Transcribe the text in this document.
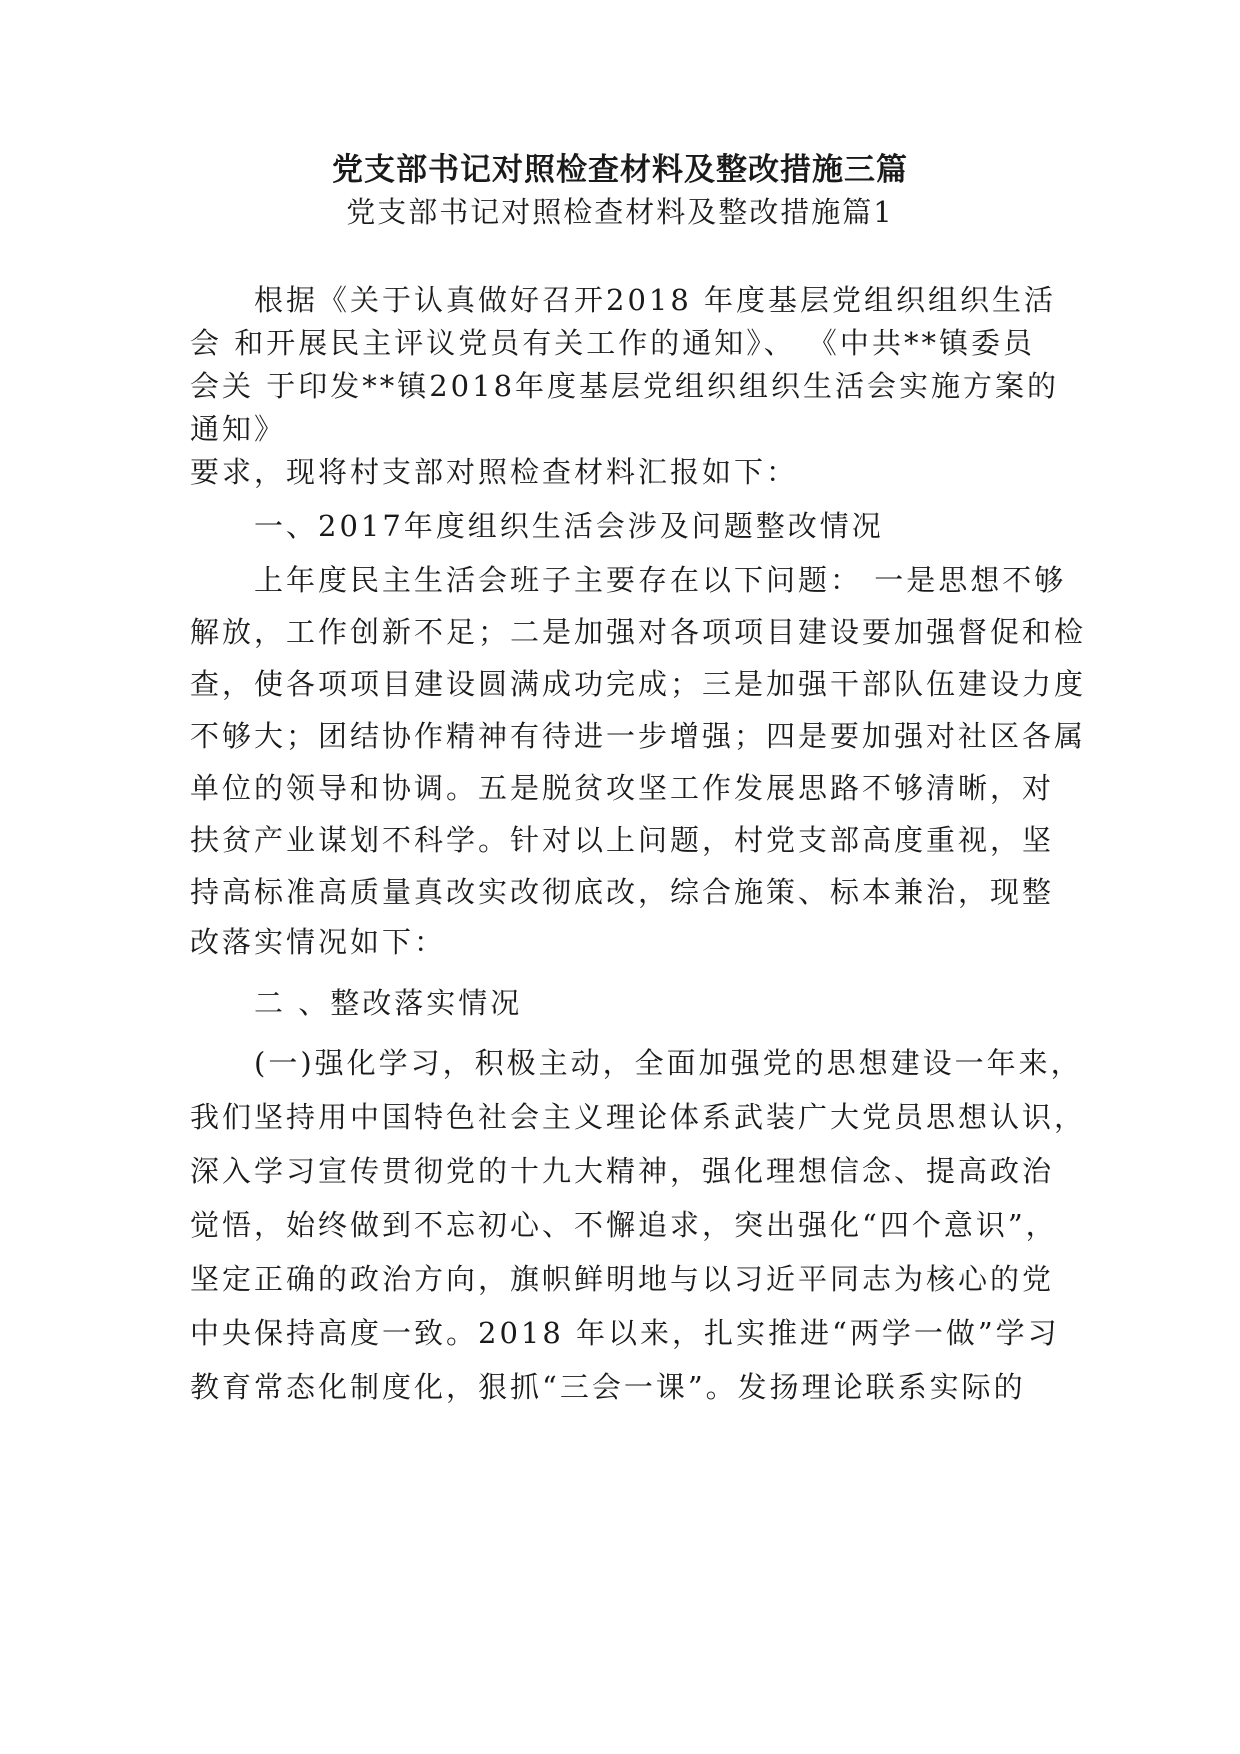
党支部书记对照检查材料及整改措施三篇
党支部书记对照检查材料及整改措施篇1
根据《关于认真做好召开2018 年度基层党组织组织生活
会 和开展民主评议党员有关工作的通知》、 《中共**镇委员
会关 于印发**镇2018年度基层党组织组织生活会实施方案的
通知》
要求，现将村支部对照检查材料汇报如下：
一、2017年度组织生活会涉及问题整改情况
上年度民主生活会班子主要存在以下问题： 一是思想不够
解放，工作创新不足；二是加强对各项项目建设要加强督促和检
查，使各项项目建设圆满成功完成；三是加强干部队伍建设力度
不够大；团结协作精神有待进一步增强；四是要加强对社区各属
单位的领导和协调。五是脱贫攻坚工作发展思路不够清晰，对
扶贫产业谋划不科学。针对以上问题，村党支部高度重视，坚
持高标准高质量真改实改彻底改，综合施策、标本兼治，现整
改落实情况如下：
二 、整改落实情况
(一)强化学习，积极主动，全面加强党的思想建设一年来，
我们坚持用中国特色社会主义理论体系武装广大党员思想认识，
深入学习宣传贯彻党的十九大精神，强化理想信念、提高政治
觉悟，始终做到不忘初心、不懈追求，突出强化“四个意识”，
坚定正确的政治方向，旗帜鲜明地与以习近平同志为核心的党
中央保持高度一致。2018 年以来，扎实推进“两学一做”学习
教育常态化制度化，狠抓“三会一课”。发扬理论联系实际的
